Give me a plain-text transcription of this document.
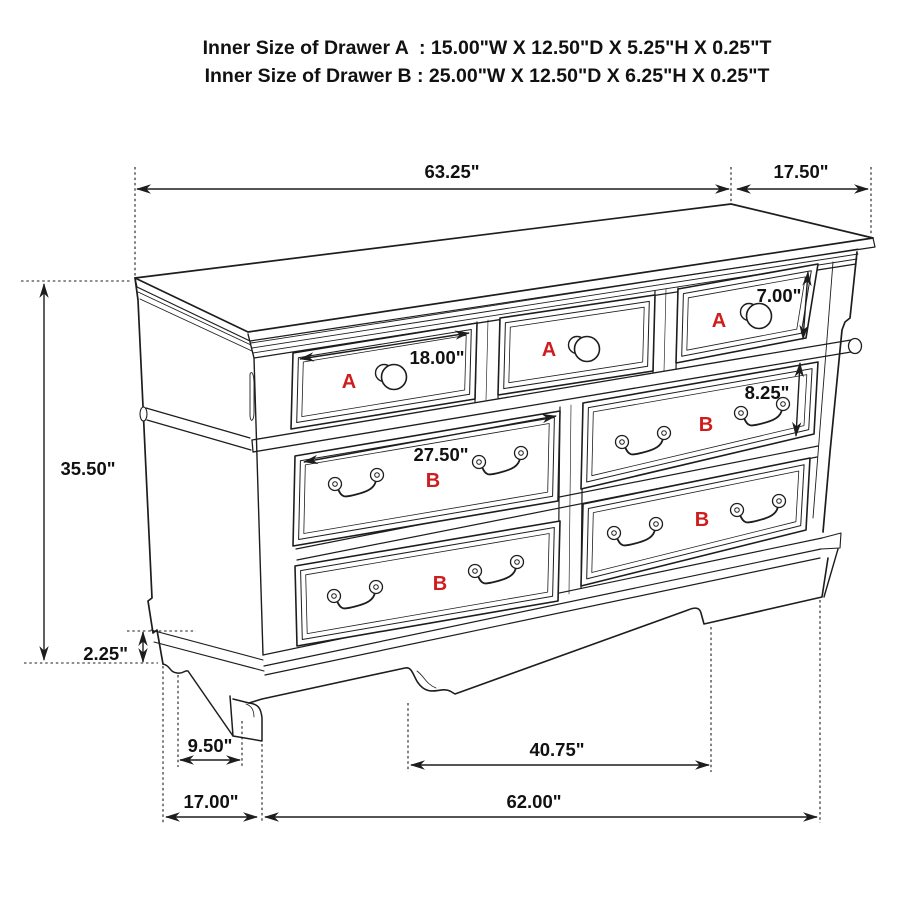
Inner Size of Drawer A  : 15.00"W X 12.50"D X 5.25"H X 0.25"T
Inner Size of Drawer B : 25.00"W X 12.50"D X 6.25"H X 0.25"T
A
A
A
B
B
B
B
63.25"	17.50"
35.50"
18.00"
7.00"
8.25"
27.50"
2.25"
9.50"	40.75"
17.00"	62.00"
